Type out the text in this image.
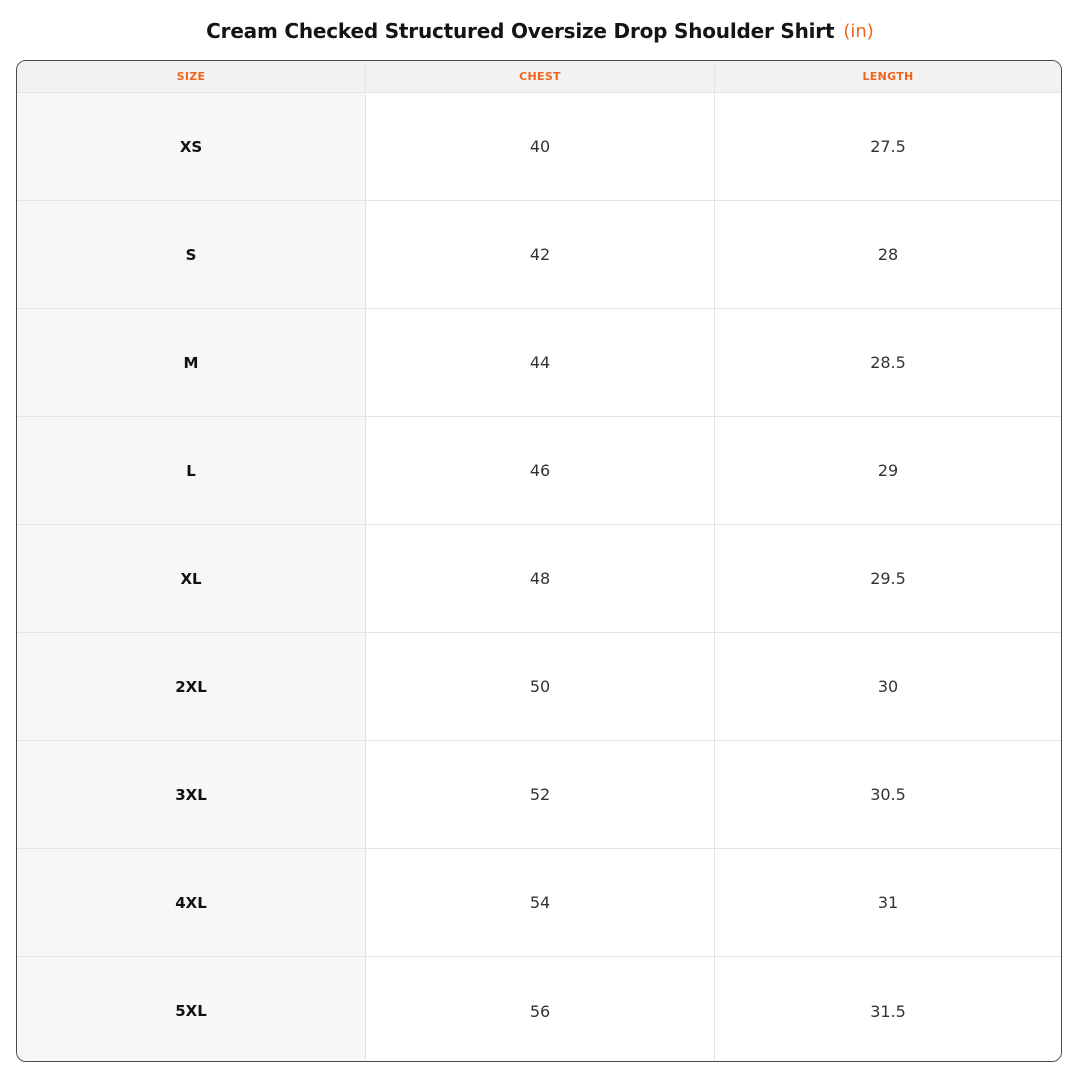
Cream Checked Structured Oversize Drop Shoulder Shirt (in)
SIZE	CHEST	LENGTH
XS	40	27.5
S	42	28
M	44	28.5
L	46	29
XL	48	29.5
2XL	50	30
3XL	52	30.5
4XL	54	31
5XL	56	31.5
